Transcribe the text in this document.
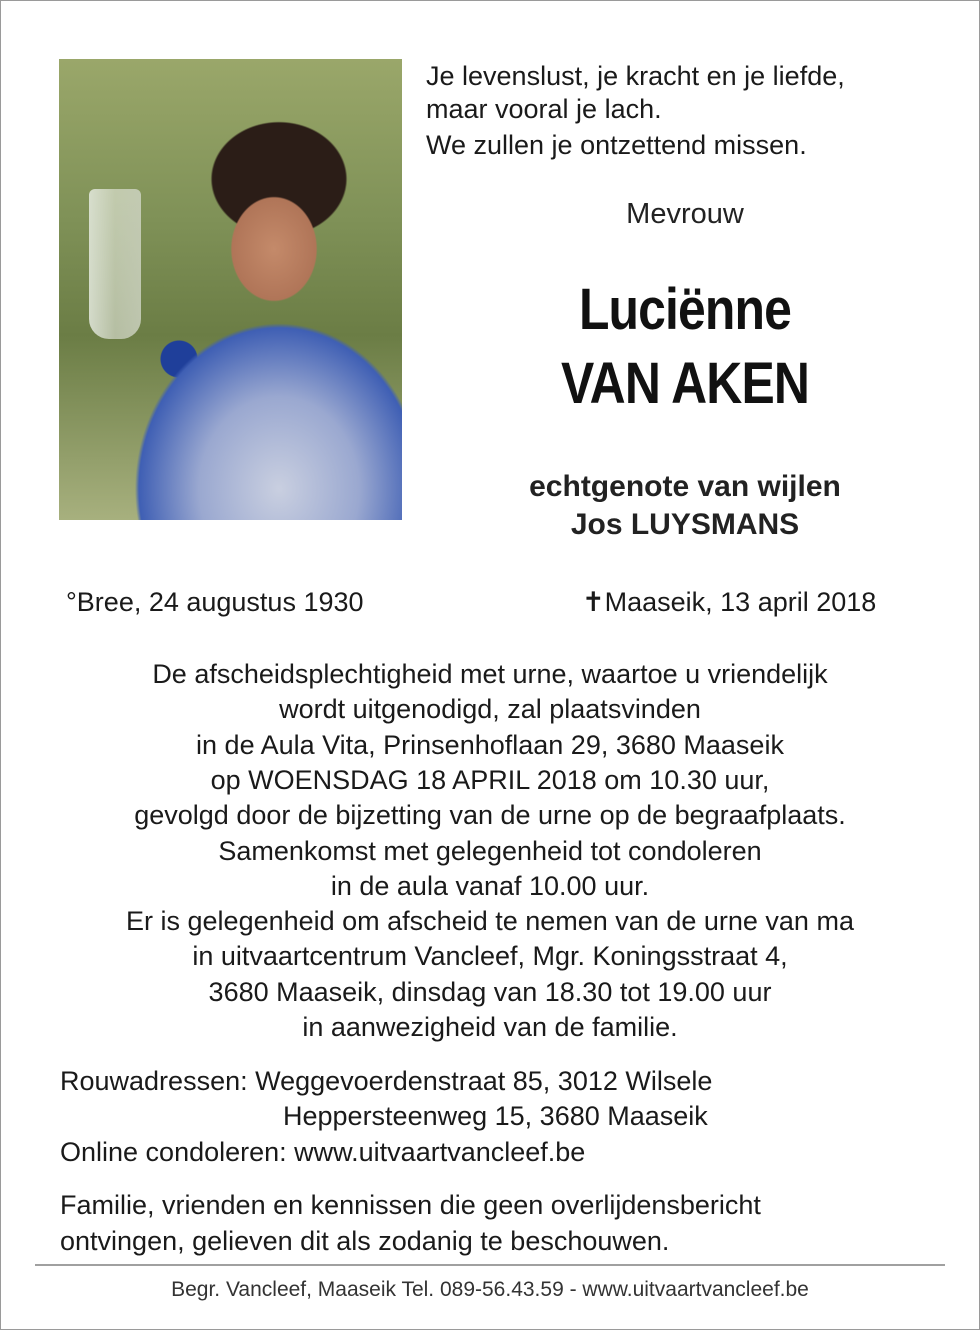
Je levenslust, je kracht en je liefde,
maar vooral je lach.
We zullen je ontzettend missen.
Mevrouw
Luciënne
VAN AKEN
echtgenote van wijlen
Jos LUYSMANS
°Bree, 24 augustus 1930	✝Maaseik, 13 april 2018
De afscheidsplechtigheid met urne, waartoe u vriendelijk
wordt uitgenodigd, zal plaatsvinden
in de Aula Vita, Prinsenhoflaan 29, 3680 Maaseik
op WOENSDAG 18 APRIL 2018 om 10.30 uur,
gevolgd door de bijzetting van de urne op de begraafplaats.
Samenkomst met gelegenheid tot condoleren
in de aula vanaf 10.00 uur.
Er is gelegenheid om afscheid te nemen van de urne van ma
in uitvaartcentrum Vancleef, Mgr. Koningsstraat 4,
3680 Maaseik, dinsdag van 18.30 tot 19.00 uur
in aanwezigheid van de familie.
Rouwadressen: Weggevoerdenstraat 85, 3012 Wilsele
Heppersteenweg 15, 3680 Maaseik
Online condoleren: www.uitvaartvancleef.be
Familie, vrienden en kennissen die geen overlijdensbericht
ontvingen, gelieven dit als zodanig te beschouwen.
Begr. Vancleef, Maaseik Tel. 089-56.43.59 - www.uitvaartvancleef.be
